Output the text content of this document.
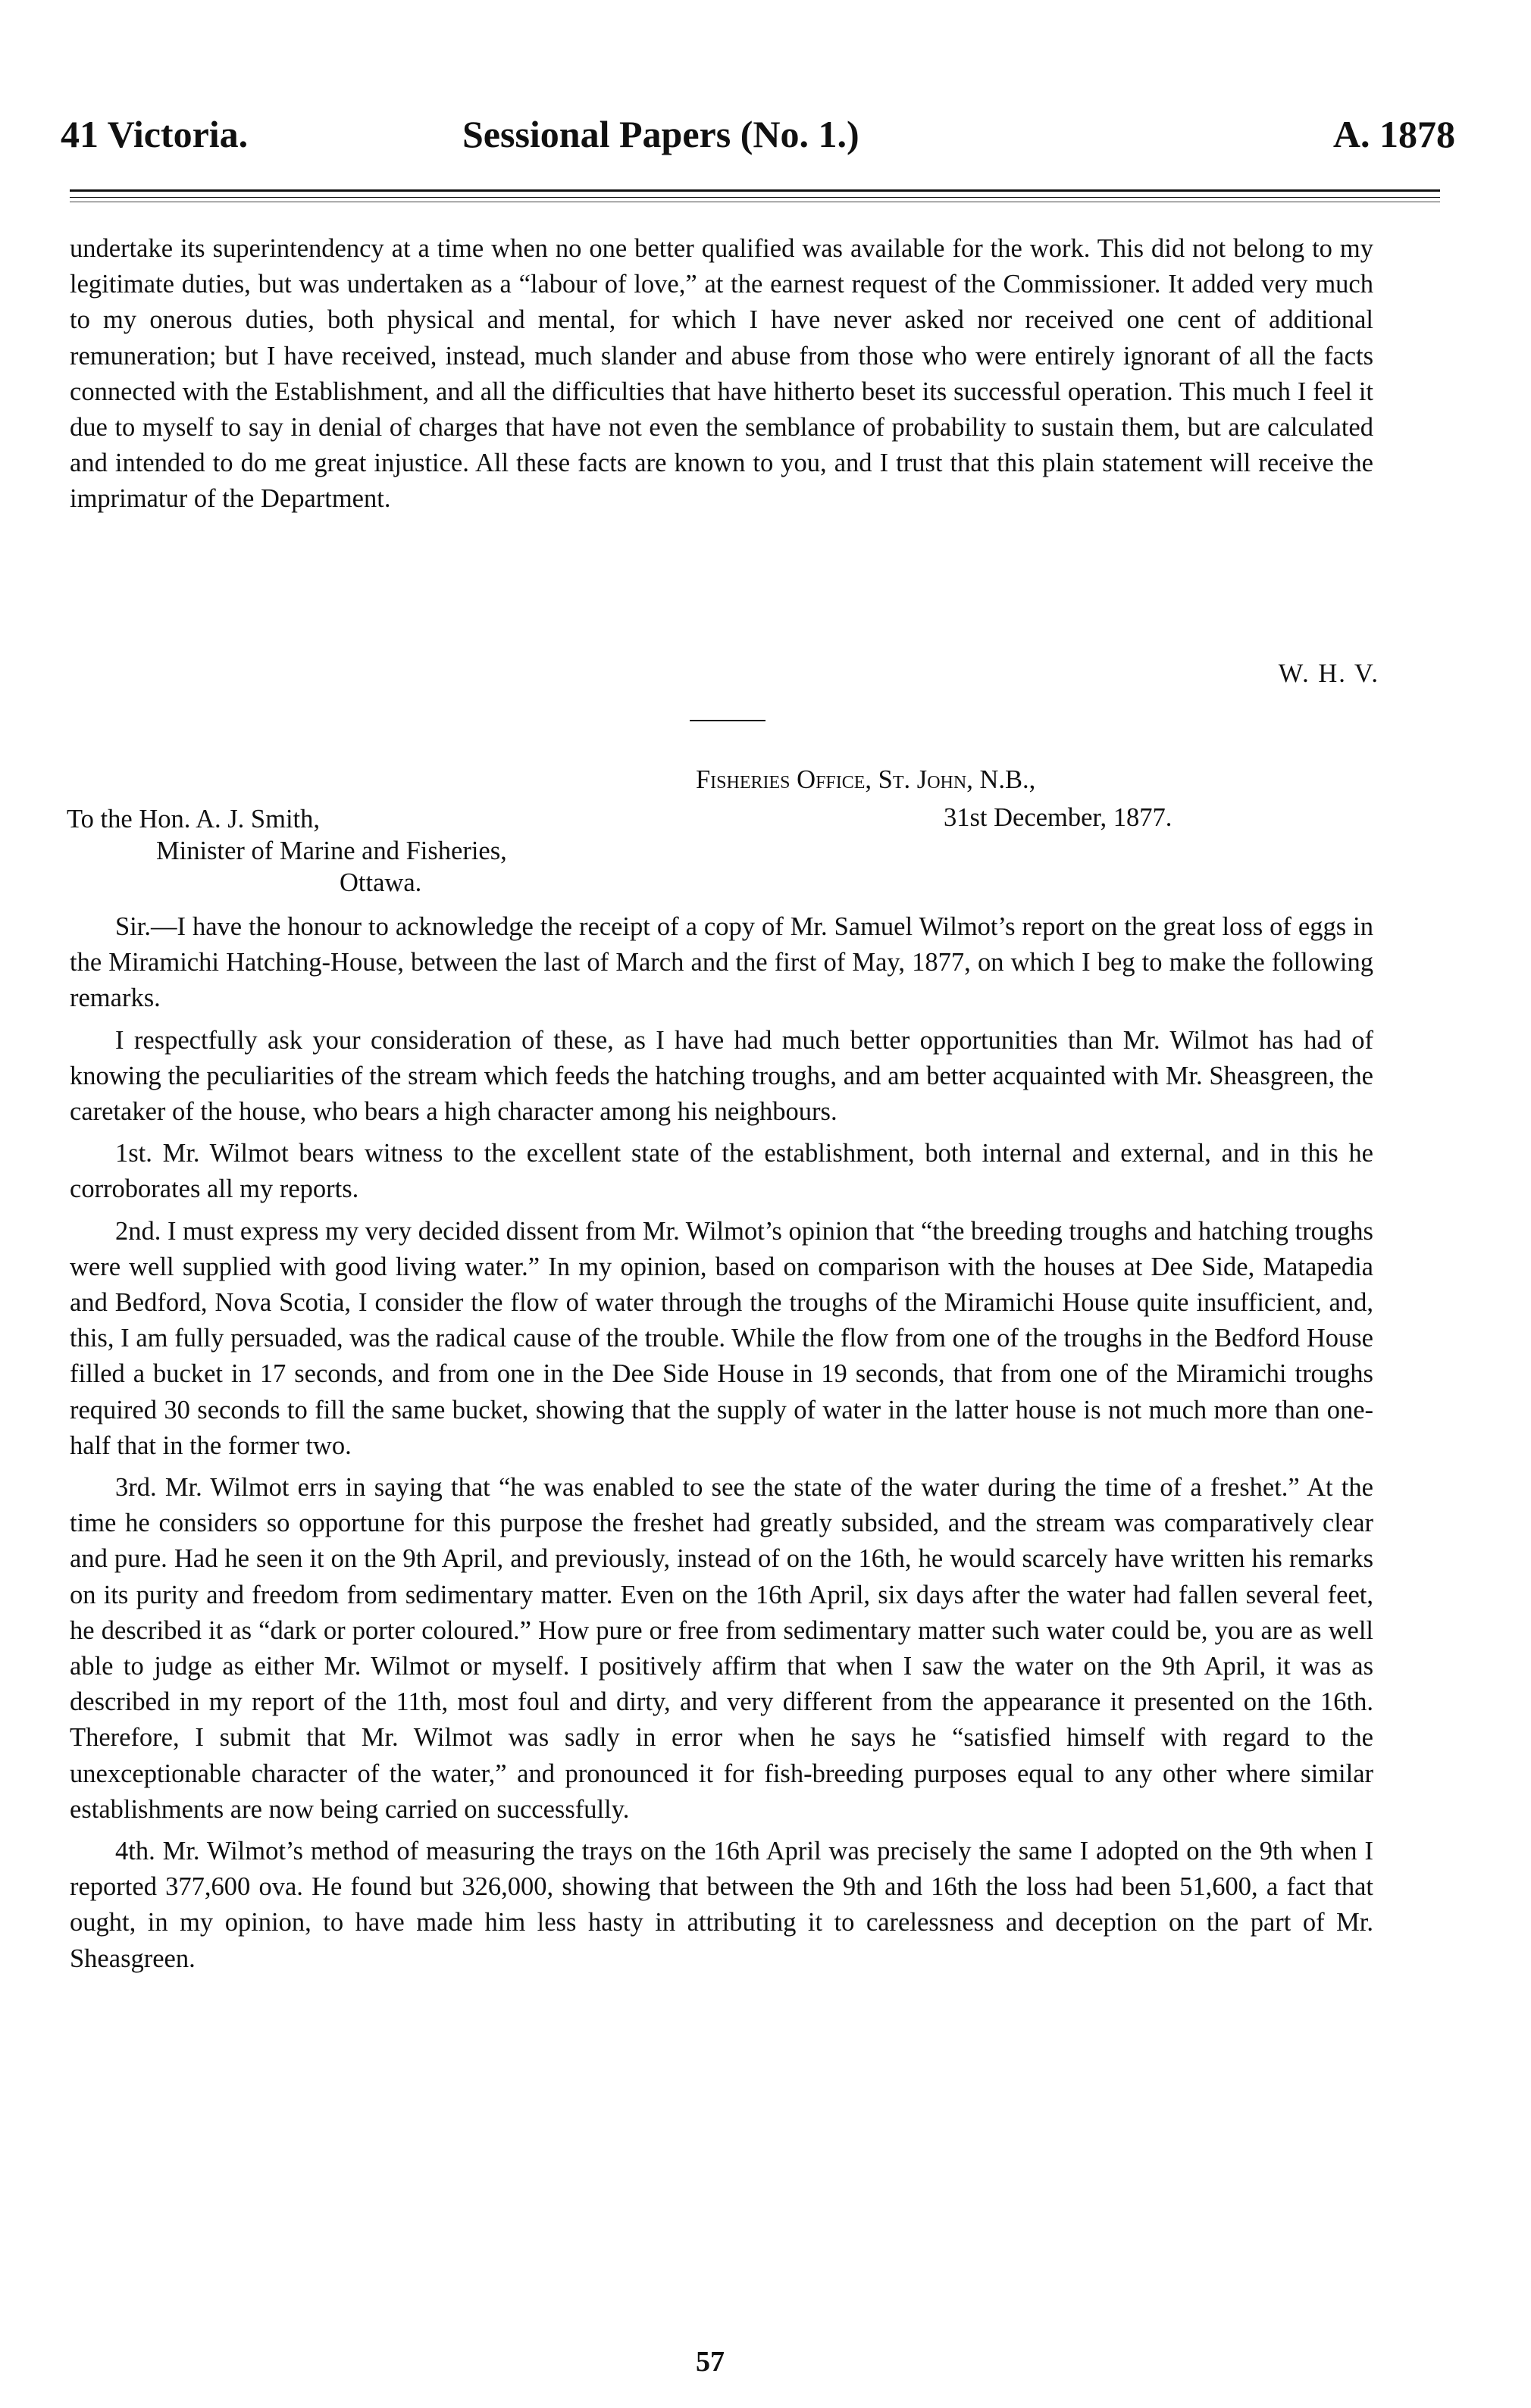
41 Victoria.	Sessional Papers (No. 1.)	A. 1878

undertake its superintendency at a time when no one better qualified was available for the work. This did not belong to my legitimate duties, but was undertaken as a “labour of love,” at the earnest request of the Commissioner. It added very much to my onerous duties, both physical and mental, for which I have never asked nor received one cent of additional remuneration; but I have received, instead, much slander and abuse from those who were entirely ignorant of all the facts connected with the Establishment, and all the difficulties that have hitherto beset its successful operation. This much I feel it due to myself to say in denial of charges that have not even the semblance of probability to sustain them, but are calculated and intended to do me great injustice. All these facts are known to you, and I trust that this plain statement will receive the imprimatur of the Department.

W. H. V.
Fisheries Office, St. John, N.B.,
To the Hon. A. J. Smith,
Minister of Marine and Fisheries,
Ottawa.
31st December, 1877.

Sir.—I have the honour to acknowledge the receipt of a copy of Mr. Samuel Wilmot’s report on the great loss of eggs in the Miramichi Hatching-House, between the last of March and the first of May, 1877, on which I beg to make the following remarks.

I respectfully ask your consideration of these, as I have had much better opportunities than Mr. Wilmot has had of knowing the peculiarities of the stream which feeds the hatching troughs, and am better acquainted with Mr. Sheasgreen, the caretaker of the house, who bears a high character among his neighbours.

1st. Mr. Wilmot bears witness to the excellent state of the establishment, both internal and external, and in this he corroborates all my reports.

2nd. I must express my very decided dissent from Mr. Wilmot’s opinion that “the breeding troughs and hatching troughs were well supplied with good living water.” In my opinion, based on comparison with the houses at Dee Side, Matapedia and Bedford, Nova Scotia, I consider the flow of water through the troughs of the Miramichi House quite insufficient, and, this, I am fully persuaded, was the radical cause of the trouble. While the flow from one of the troughs in the Bedford House filled a bucket in 17 seconds, and from one in the Dee Side House in 19 seconds, that from one of the Miramichi troughs required 30 seconds to fill the same bucket, showing that the supply of water in the latter house is not much more than one-half that in the former two.

3rd. Mr. Wilmot errs in saying that “he was enabled to see the state of the water during the time of a freshet.” At the time he considers so opportune for this purpose the freshet had greatly subsided, and the stream was comparatively clear and pure. Had he seen it on the 9th April, and previously, instead of on the 16th, he would scarcely have written his remarks on its purity and freedom from sedimentary matter. Even on the 16th April, six days after the water had fallen several feet, he described it as “dark or porter coloured.” How pure or free from sedimentary matter such water could be, you are as well able to judge as either Mr. Wilmot or myself. I positively affirm that when I saw the water on the 9th April, it was as described in my report of the 11th, most foul and dirty, and very different from the appearance it presented on the 16th. Therefore, I submit that Mr. Wilmot was sadly in error when he says he “satisfied himself with regard to the unexceptionable character of the water,” and pronounced it for fish-breeding purposes equal to any other where similar establishments are now being carried on successfully.

4th. Mr. Wilmot’s method of measuring the trays on the 16th April was precisely the same I adopted on the 9th when I reported 377,600 ova. He found but 326,000, showing that between the 9th and 16th the loss had been 51,600, a fact that ought, in my opinion, to have made him less hasty in attributing it to carelessness and deception on the part of Mr. Sheasgreen.

57
